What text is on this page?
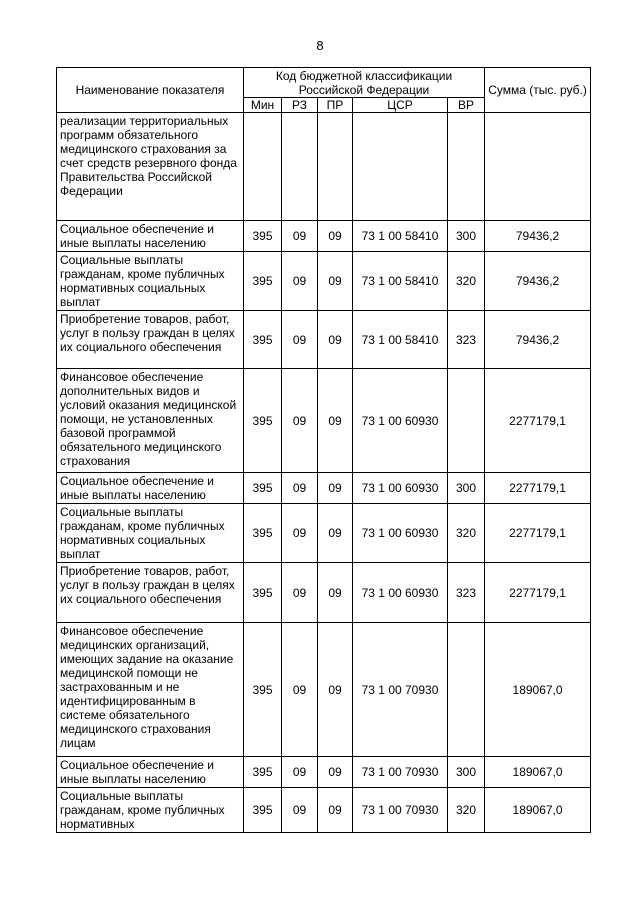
8
Наименование показателя	Код бюджетной классификации Российской Федерации					Сумма (тыс. руб.)
	Мин	РЗ	ПР	ЦСР	ВР	
реализации территориальных программ обязательного медицинского страхования за счет средств резервного фонда Правительства Российской Федерации						
Социальное обеспечение и иные выплаты населению	395	09	09	73 1 00 58410	300	79436,2
Социальные выплаты гражданам, кроме публичных нормативных социальных выплат	395	09	09	73 1 00 58410	320	79436,2
Приобретение товаров, работ, услуг в пользу граждан в целях их социального обеспечения	395	09	09	73 1 00 58410	323	79436,2
Финансовое обеспечение дополнительных видов и условий оказания медицинской помощи, не установленных базовой программой обязательного медицинского страхования	395	09	09	73 1 00 60930		2277179,1
Социальное обеспечение и иные выплаты населению	395	09	09	73 1 00 60930	300	2277179,1
Социальные выплаты гражданам, кроме публичных нормативных социальных выплат	395	09	09	73 1 00 60930	320	2277179,1
Приобретение товаров, работ, услуг в пользу граждан в целях их социального обеспечения	395	09	09	73 1 00 60930	323	2277179,1
Финансовое обеспечение медицинских организаций, имеющих задание на оказание медицинской помощи не застрахованным и не идентифицированным в системе обязательного медицинского страхования лицам	395	09	09	73 1 00 70930		189067,0
Социальное обеспечение и иные выплаты населению	395	09	09	73 1 00 70930	300	189067,0
Социальные выплаты гражданам, кроме публичных нормативных	395	09	09	73 1 00 70930	320	189067,0
